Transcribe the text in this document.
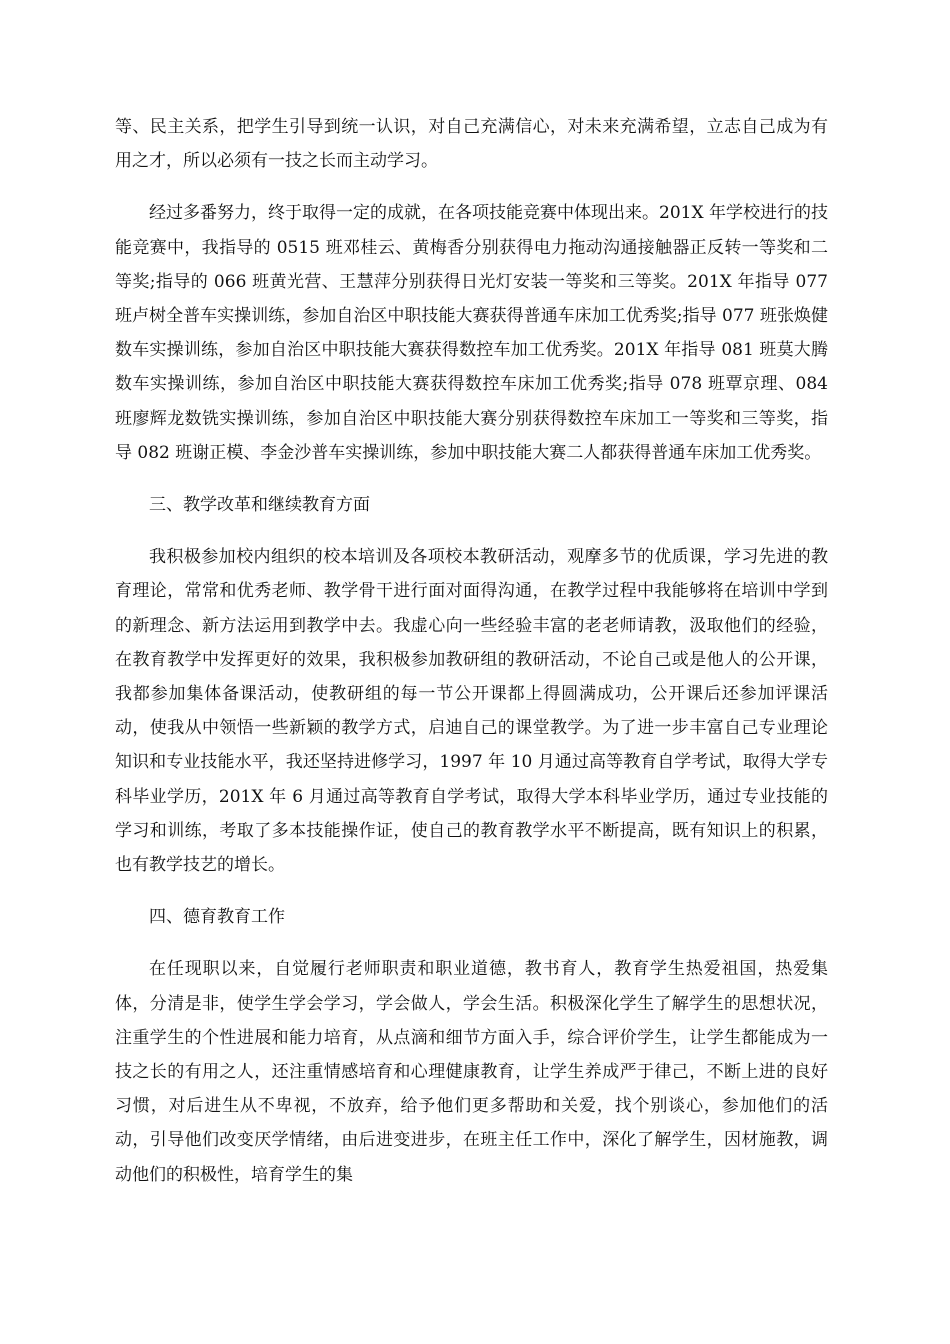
等、民主关系，把学生引导到统一认识，对自己充满信心，对未来充满希望，立志自己成为有用之才，所以必须有一技之长而主动学习。

经过多番努力，终于取得一定的成就，在各项技能竞赛中体现出来。201X 年学校进行的技能竞赛中，我指导的 0515 班邓桂云、黄梅香分别获得电力拖动沟通接触器正反转一等奖和二等奖;指导的 066 班黄光营、王慧萍分别获得日光灯安装一等奖和三等奖。201X 年指导 077 班卢树全普车实操训练，参加自治区中职技能大赛获得普通车床加工优秀奖;指导 077 班张焕健数车实操训练，参加自治区中职技能大赛获得数控车加工优秀奖。201X 年指导 081 班莫大腾数车实操训练，参加自治区中职技能大赛获得数控车床加工优秀奖;指导 078 班覃京理、084 班廖辉龙数铣实操训练，参加自治区中职技能大赛分别获得数控车床加工一等奖和三等奖，指导 082 班谢正模、李金沙普车实操训练，参加中职技能大赛二人都获得普通车床加工优秀奖。

三、教学改革和继续教育方面

我积极参加校内组织的校本培训及各项校本教研活动，观摩多节的优质课，学习先进的教育理论，常常和优秀老师、教学骨干进行面对面得沟通，在教学过程中我能够将在培训中学到的新理念、新方法运用到教学中去。我虚心向一些经验丰富的老老师请教，汲取他们的经验，在教育教学中发挥更好的效果，我积极参加教研组的教研活动，不论自己或是他人的公开课，我都参加集体备课活动，使教研组的每一节公开课都上得圆满成功，公开课后还参加评课活动，使我从中领悟一些新颖的教学方式，启迪自己的课堂教学。为了进一步丰富自己专业理论知识和专业技能水平，我还坚持进修学习，1997 年 10 月通过高等教育自学考试，取得大学专科毕业学历，201X 年 6 月通过高等教育自学考试，取得大学本科毕业学历，通过专业技能的学习和训练，考取了多本技能操作证，使自己的教育教学水平不断提高，既有知识上的积累，也有教学技艺的增长。

四、德育教育工作

在任现职以来，自觉履行老师职责和职业道德，教书育人，教育学生热爱祖国，热爱集体，分清是非，使学生学会学习，学会做人，学会生活。积极深化学生了解学生的思想状况，注重学生的个性进展和能力培育，从点滴和细节方面入手，综合评价学生，让学生都能成为一技之长的有用之人，还注重情感培育和心理健康教育，让学生养成严于律己，不断上进的良好习惯，对后进生从不卑视，不放弃，给予他们更多帮助和关爱，找个别谈心，参加他们的活动，引导他们改变厌学情绪，由后进变进步，在班主任工作中，深化了解学生，因材施教，调动他们的积极性，培育学生的集
